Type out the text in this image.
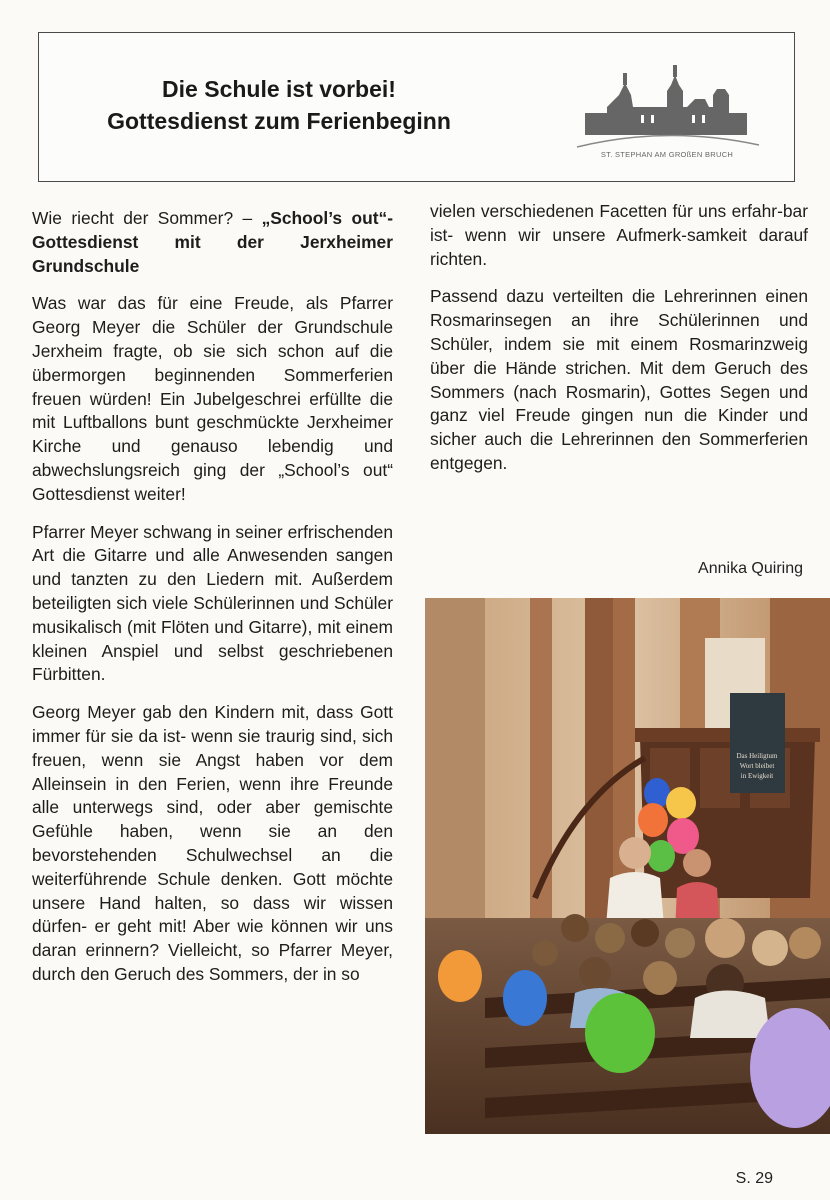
Die Schule ist vorbei!
Gottesdienst zum Ferienbeginn
ST. STEPHAN AM GROßEN BRUCH

Wie riecht der Sommer? – „School’s out“-Gottesdienst mit der Jerxheimer Grundschule

Was war das für eine Freude, als Pfarrer Georg Meyer die Schüler der Grundschule Jerxheim fragte, ob sie sich schon auf die übermorgen beginnenden Sommerferien freuen würden! Ein Jubelgeschrei erfüllte die mit Luftballons bunt geschmückte Jerxheimer Kirche und genauso lebendig und abwechslungsreich ging der „School’s out“ Gottesdienst weiter!

Pfarrer Meyer schwang in seiner erfrischenden Art die Gitarre und alle Anwesenden sangen und tanzten zu den Liedern mit. Außerdem beteiligten sich viele Schülerinnen und Schüler musikalisch (mit Flöten und Gitarre), mit einem kleinen Anspiel und selbst geschriebenen Fürbitten.

Georg Meyer gab den Kindern mit, dass Gott immer für sie da ist- wenn sie traurig sind, sich freuen, wenn sie Angst haben vor dem Alleinsein in den Ferien, wenn ihre Freunde alle unterwegs sind, oder aber gemischte Gefühle haben, wenn sie an den bevorstehenden Schulwechsel an die weiterführende Schule denken. Gott möchte unsere Hand halten, so dass wir wissen dürfen- er geht mit! Aber wie können wir uns daran erinnern? Vielleicht, so Pfarrer Meyer, durch den Geruch des Sommers, der in so

vielen verschiedenen Facetten für uns erfahr-bar ist- wenn wir unsere Aufmerk-samkeit darauf richten.

Passend dazu verteilten die Lehrerinnen einen Rosmarinsegen an ihre Schülerinnen und Schüler, indem sie mit einem Rosmarinzweig über die Hände strichen. Mit dem Geruch des Sommers (nach Rosmarin), Gottes Segen und ganz viel Freude gingen nun die Kinder und sicher auch die Lehrerinnen den Sommerferien entgegen.

Annika Quiring
Das Heiligtum
Wort bleibet
in Ewigkeit
S. 29
